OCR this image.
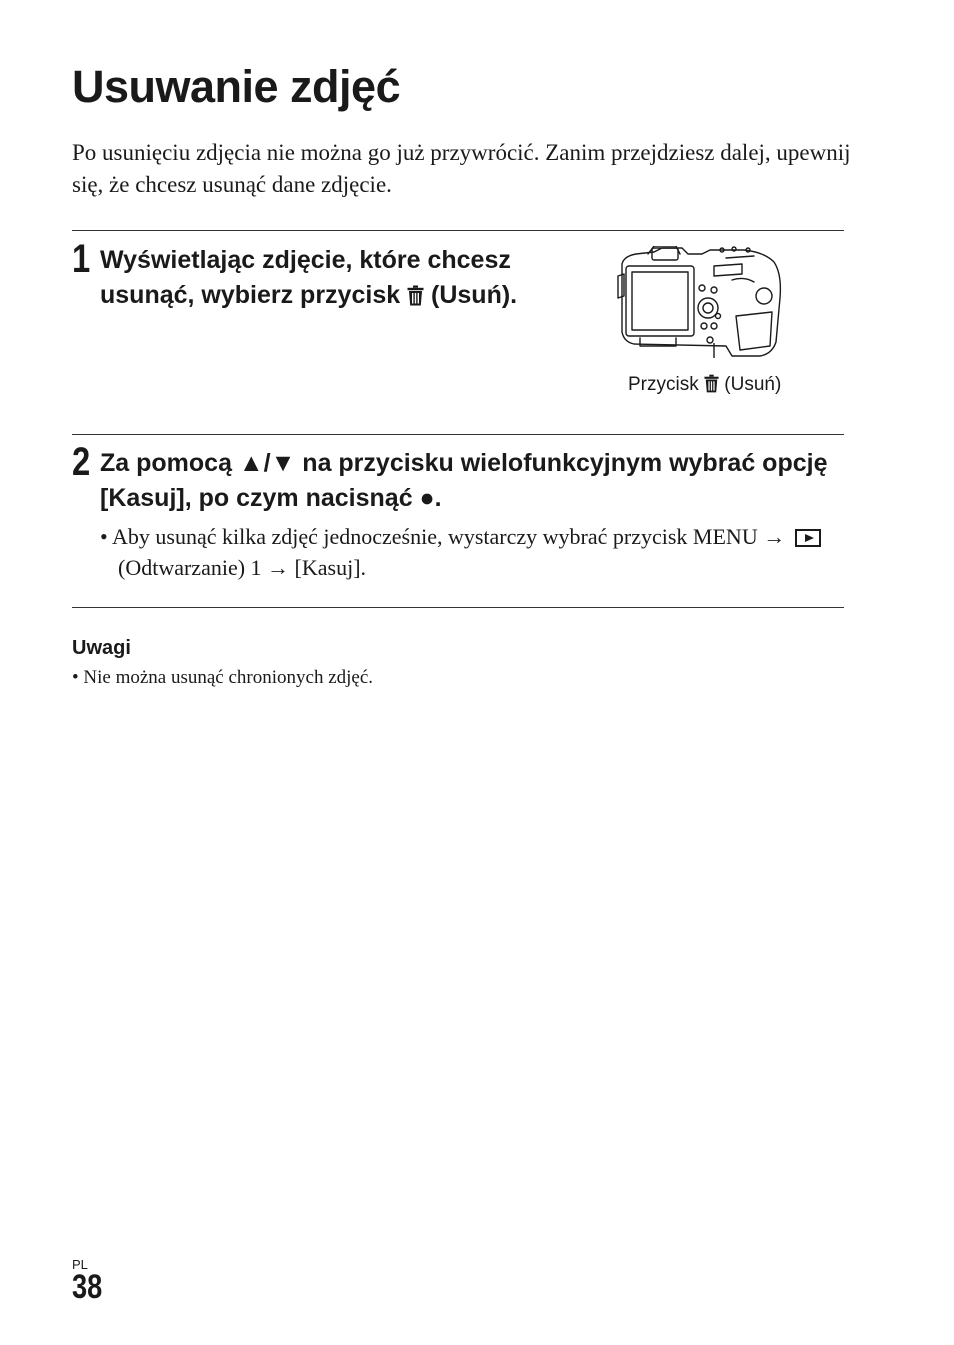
Usuwanie zdjęć

Po usunięciu zdjęcia nie można go już przywrócić. Zanim przejdziesz dalej, upewnij się, że chcesz usunąć dane zdjęcie.

1 Wyświetlając zdjęcie, które chcesz usunąć, wybierz przycisk  (Usuń).

Przycisk  (Usuń)
2 Za pomocą ▲/▼ na przycisku wielofunkcyjnym wybrać opcję [Kasuj], po czym nacisnąć ●.

• Aby usunąć kilka zdjęć jednocześnie, wystarczy wybrać przycisk MENU →  (Odtwarzanie) 1 → [Kasuj].

Uwagi

• Nie można usunąć chronionych zdjęć.

PL
38
